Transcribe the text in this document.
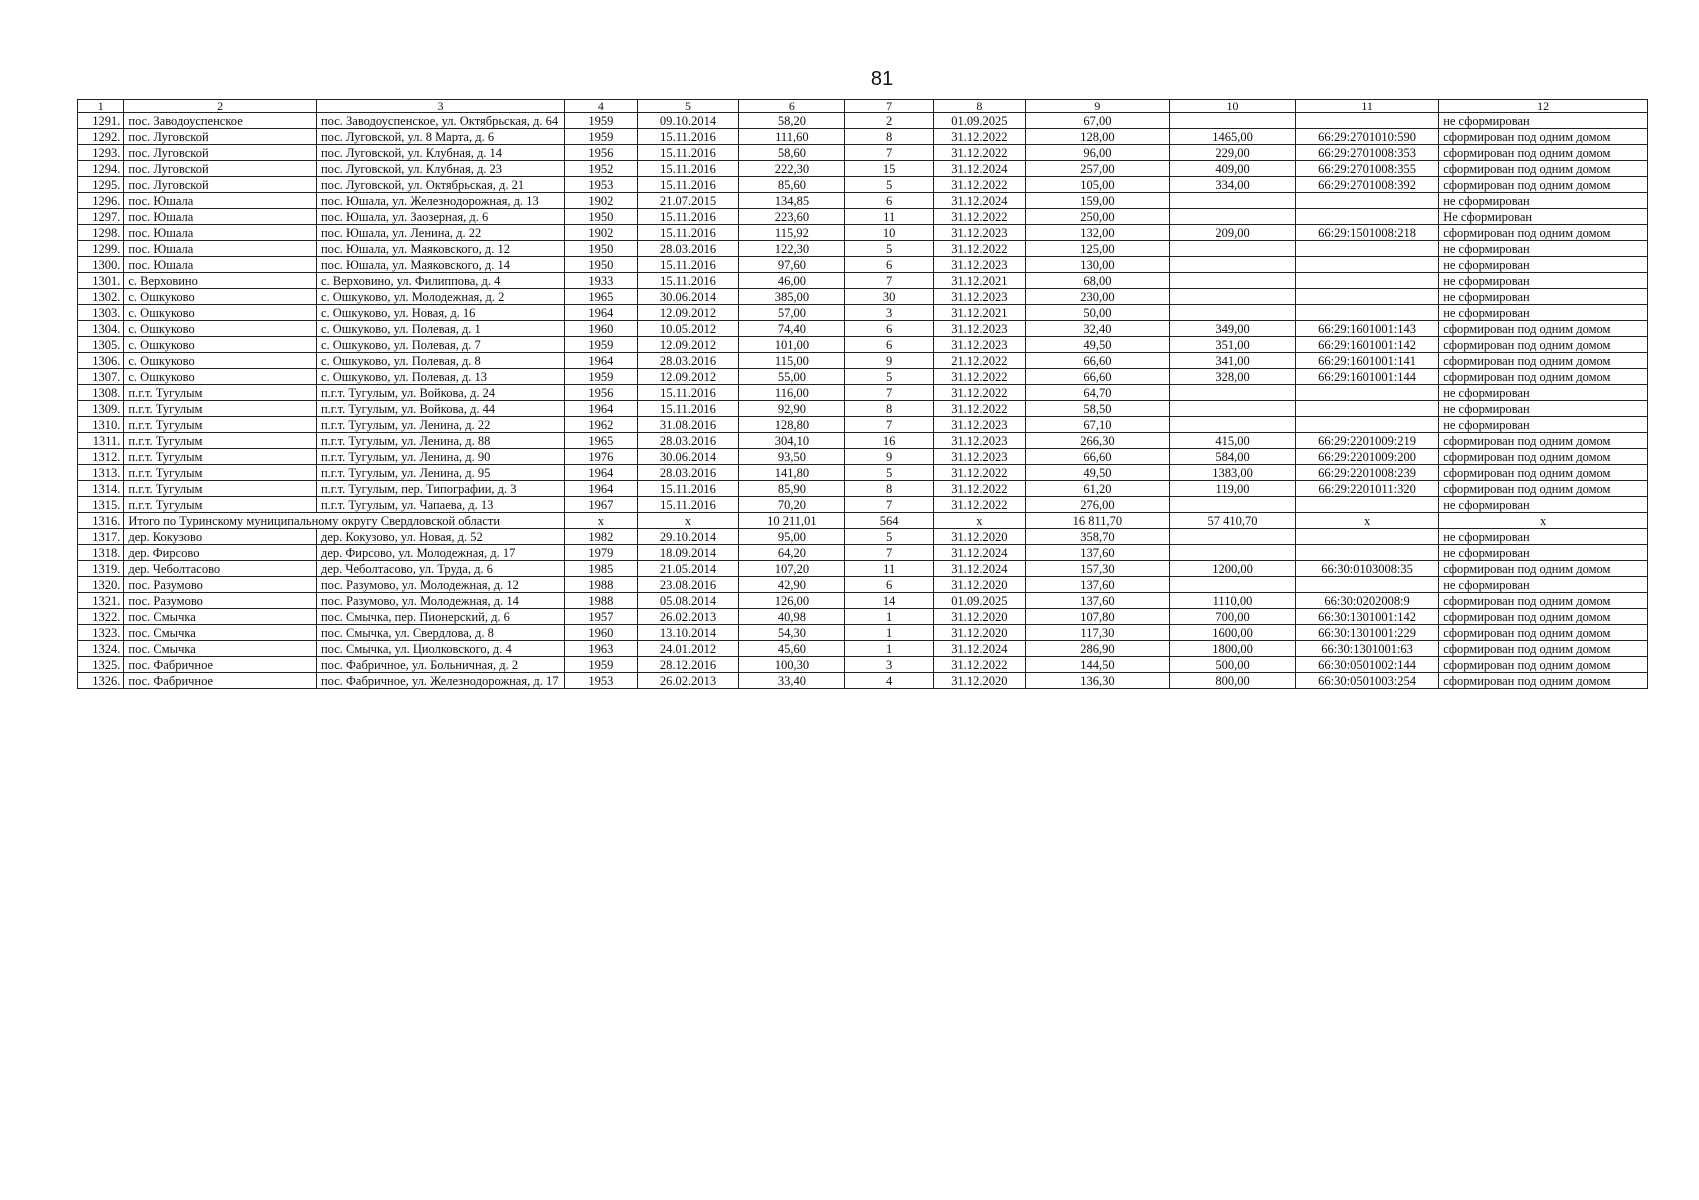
81
1	2	3	4	5	6	7	8	9	10	11	12
1291.	пос. Заводоуспенское	пос. Заводоуспенское, ул. Октябрьская, д. 64	1959	09.10.2014	58,20	2	01.09.2025	67,00			не сформирован
1292.	пос. Луговской	пос. Луговской, ул. 8 Марта, д. 6	1959	15.11.2016	111,60	8	31.12.2022	128,00	1465,00	66:29:2701010:590	сформирован под одним домом
1293.	пос. Луговской	пос. Луговской, ул. Клубная, д. 14	1956	15.11.2016	58,60	7	31.12.2022	96,00	229,00	66:29:2701008:353	сформирован под одним домом
1294.	пос. Луговской	пос. Луговской, ул. Клубная, д. 23	1952	15.11.2016	222,30	15	31.12.2024	257,00	409,00	66:29:2701008:355	сформирован под одним домом
1295.	пос. Луговской	пос. Луговской, ул. Октябрьская, д. 21	1953	15.11.2016	85,60	5	31.12.2022	105,00	334,00	66:29:2701008:392	сформирован под одним домом
1296.	пос. Юшала	пос. Юшала, ул. Железнодорожная, д. 13	1902	21.07.2015	134,85	6	31.12.2024	159,00			не сформирован
1297.	пос. Юшала	пос. Юшала, ул. Заозерная, д. 6	1950	15.11.2016	223,60	11	31.12.2022	250,00			Не сформирован
1298.	пос. Юшала	пос. Юшала, ул. Ленина, д. 22	1902	15.11.2016	115,92	10	31.12.2023	132,00	209,00	66:29:1501008:218	сформирован под одним домом
1299.	пос. Юшала	пос. Юшала, ул. Маяковского, д. 12	1950	28.03.2016	122,30	5	31.12.2022	125,00			не сформирован
1300.	пос. Юшала	пос. Юшала, ул. Маяковского, д. 14	1950	15.11.2016	97,60	6	31.12.2023	130,00			не сформирован
1301.	с. Верховино	с. Верховино, ул. Филиппова, д. 4	1933	15.11.2016	46,00	7	31.12.2021	68,00			не сформирован
1302.	с. Ошкуково	с. Ошкуково, ул. Молодежная, д. 2	1965	30.06.2014	385,00	30	31.12.2023	230,00			не сформирован
1303.	с. Ошкуково	с. Ошкуково, ул. Новая, д. 16	1964	12.09.2012	57,00	3	31.12.2021	50,00			не сформирован
1304.	с. Ошкуково	с. Ошкуково, ул. Полевая, д. 1	1960	10.05.2012	74,40	6	31.12.2023	32,40	349,00	66:29:1601001:143	сформирован под одним домом
1305.	с. Ошкуково	с. Ошкуково, ул. Полевая, д. 7	1959	12.09.2012	101,00	6	31.12.2023	49,50	351,00	66:29:1601001:142	сформирован под одним домом
1306.	с. Ошкуково	с. Ошкуково, ул. Полевая, д. 8	1964	28.03.2016	115,00	9	21.12.2022	66,60	341,00	66:29:1601001:141	сформирован под одним домом
1307.	с. Ошкуково	с. Ошкуково, ул. Полевая, д. 13	1959	12.09.2012	55,00	5	31.12.2022	66,60	328,00	66:29:1601001:144	сформирован под одним домом
1308.	п.г.т. Тугулым	п.г.т. Тугулым, ул. Войкова, д. 24	1956	15.11.2016	116,00	7	31.12.2022	64,70			не сформирован
1309.	п.г.т. Тугулым	п.г.т. Тугулым, ул. Войкова, д. 44	1964	15.11.2016	92,90	8	31.12.2022	58,50			не сформирован
1310.	п.г.т. Тугулым	п.г.т. Тугулым, ул. Ленина, д. 22	1962	31.08.2016	128,80	7	31.12.2023	67,10			не сформирован
1311.	п.г.т. Тугулым	п.г.т. Тугулым, ул. Ленина, д. 88	1965	28.03.2016	304,10	16	31.12.2023	266,30	415,00	66:29:2201009:219	сформирован под одним домом
1312.	п.г.т. Тугулым	п.г.т. Тугулым, ул. Ленина, д. 90	1976	30.06.2014	93,50	9	31.12.2023	66,60	584,00	66:29:2201009:200	сформирован под одним домом
1313.	п.г.т. Тугулым	п.г.т. Тугулым, ул. Ленина, д. 95	1964	28.03.2016	141,80	5	31.12.2022	49,50	1383,00	66:29:2201008:239	сформирован под одним домом
1314.	п.г.т. Тугулым	п.г.т. Тугулым, пер. Типографии, д. 3	1964	15.11.2016	85,90	8	31.12.2022	61,20	119,00	66:29:2201011:320	сформирован под одним домом
1315.	п.г.т. Тугулым	п.г.т. Тугулым, ул. Чапаева, д. 13	1967	15.11.2016	70,20	7	31.12.2022	276,00			не сформирован
1316.	Итого по Туринскому муниципальному округу Свердловской области		х	х	10 211,01	564	х	16 811,70	57 410,70	х	х
1317.	дер. Кокузово	дер. Кокузово, ул. Новая, д. 52	1982	29.10.2014	95,00	5	31.12.2020	358,70			не сформирован
1318.	дер. Фирсово	дер. Фирсово, ул. Молодежная, д. 17	1979	18.09.2014	64,20	7	31.12.2024	137,60			не сформирован
1319.	дер. Чеболтасово	дер. Чеболтасово, ул. Труда, д. 6	1985	21.05.2014	107,20	11	31.12.2024	157,30	1200,00	66:30:0103008:35	сформирован под одним домом
1320.	пос. Разумово	пос. Разумово, ул. Молодежная, д. 12	1988	23.08.2016	42,90	6	31.12.2020	137,60			не сформирован
1321.	пос. Разумово	пос. Разумово, ул. Молодежная, д. 14	1988	05.08.2014	126,00	14	01.09.2025	137,60	1110,00	66:30:0202008:9	сформирован под одним домом
1322.	пос. Смычка	пос. Смычка, пер. Пионерский, д. 6	1957	26.02.2013	40,98	1	31.12.2020	107,80	700,00	66:30:1301001:142	сформирован под одним домом
1323.	пос. Смычка	пос. Смычка, ул. Свердлова, д. 8	1960	13.10.2014	54,30	1	31.12.2020	117,30	1600,00	66:30:1301001:229	сформирован под одним домом
1324.	пос. Смычка	пос. Смычка, ул. Циолковского, д. 4	1963	24.01.2012	45,60	1	31.12.2024	286,90	1800,00	66:30:1301001:63	сформирован под одним домом
1325.	пос. Фабричное	пос. Фабричное, ул. Больничная, д. 2	1959	28.12.2016	100,30	3	31.12.2022	144,50	500,00	66:30:0501002:144	сформирован под одним домом
1326.	пос. Фабричное	пос. Фабричное, ул. Железнодорожная, д. 17	1953	26.02.2013	33,40	4	31.12.2020	136,30	800,00	66:30:0501003:254	сформирован под одним домом
